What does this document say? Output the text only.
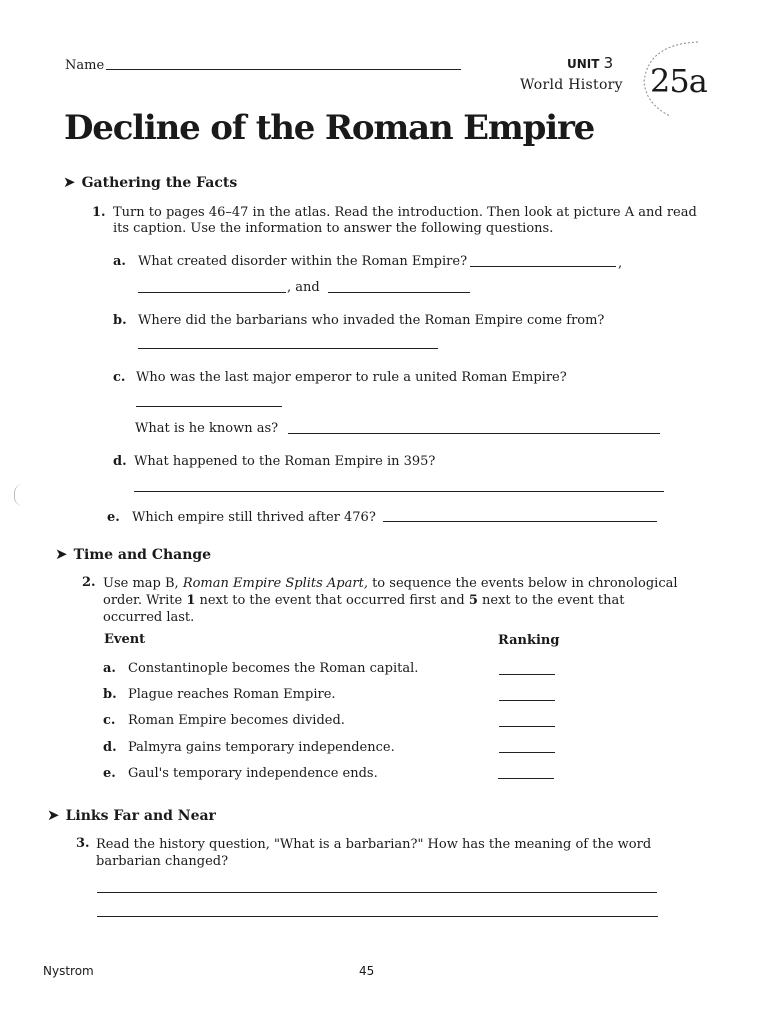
Name	UNIT 3
World History 25a
Decline of the Roman Empire
➤ Gathering the Facts
1. Turn to pages 46–47 in the atlas. Read the introduction. Then look at picture A and read
its caption. Use the information to answer the following questions.
a. What created disorder within the Roman Empire?	,
, and
b. Where did the barbarians who invaded the Roman Empire come from?
c. Who was the last major emperor to rule a united Roman Empire?
What is he known as?
d. What happened to the Roman Empire in 395?
e. Which empire still thrived after 476?
➤ Time and Change
2. Use map B, Roman Empire Splits Apart, to sequence the events below in chronological
order. Write 1 next to the event that occurred first and 5 next to the event that
occurred last.
Event	Ranking
a. Constantinople becomes the Roman capital.
b. Plague reaches Roman Empire.
c. Roman Empire becomes divided.
d. Palmyra gains temporary independence.
e. Gaul's temporary independence ends.
➤ Links Far and Near
3. Read the history question, "What is a barbarian?" How has the meaning of the word
barbarian changed?
Nystrom	45
